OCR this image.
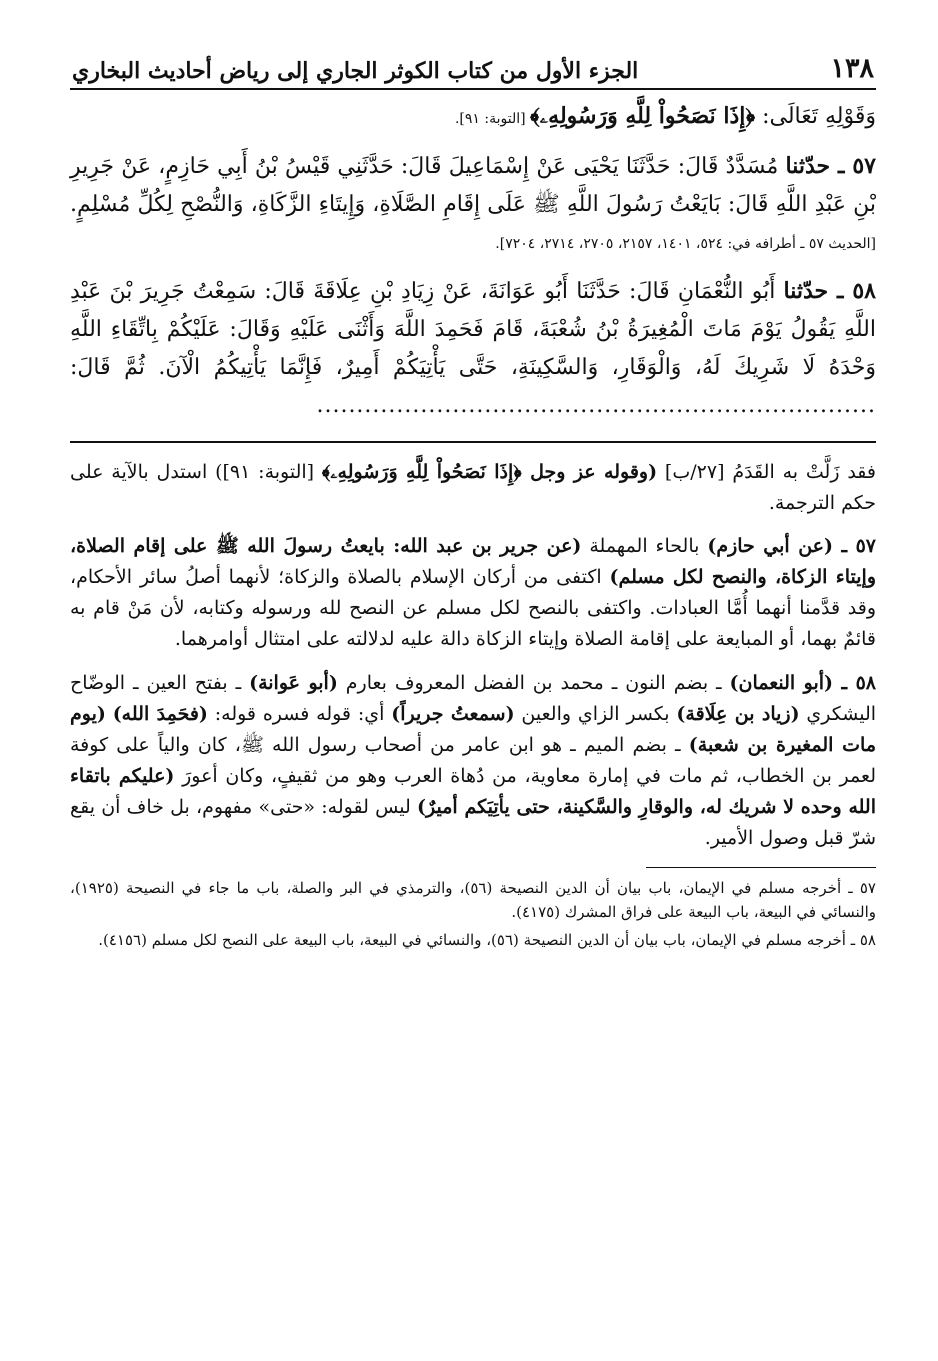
١٣٨
الجزء الأول من كتاب الكوثر الجاري إلى رياض أحاديث البخاري

وَقَوْلِهِ تَعَالَى: ﴿إِذَا نَصَحُواْ لِلَّهِ وَرَسُولِهِۦ﴾ [التوبة: ٩١].

٥٧ ـ حدّثنا مُسَدَّدٌ قَالَ: حَدَّثَنَا يَحْيَى عَنْ إِسْمَاعِيلَ قَالَ: حَدَّثَنِي قَيْسُ بْنُ أَبِي حَازِمٍ، عَنْ جَرِيرِ بْنِ عَبْدِ اللَّهِ قَالَ: بَايَعْتُ رَسُولَ اللَّهِ ﷺ عَلَى إِقَامِ الصَّلَاةِ، وَإِيتَاءِ الزَّكَاةِ، وَالنُّصْحِ لِكُلِّ مُسْلِمٍ. [الحديث ٥٧ ـ أطرافه في: ٥٢٤، ١٤٠١، ٢١٥٧، ٢٧٠٥، ٢٧١٤، ٧٢٠٤].

٥٨ ـ حدّثنا أَبُو النُّعْمَانِ قَالَ: حَدَّثَنَا أَبُو عَوَانَةَ، عَنْ زِيَادِ بْنِ عِلَاقَةَ قَالَ: سَمِعْتُ جَرِيرَ بْنَ عَبْدِ اللَّهِ يَقُولُ يَوْمَ مَاتَ الْمُغِيرَةُ بْنُ شُعْبَةَ، قَامَ فَحَمِدَ اللَّهَ وَأَثْنَى عَلَيْهِ وَقَالَ: عَلَيْكُمْ بِاتِّقَاءِ اللَّهِ وَحْدَهُ لَا شَرِيكَ لَهُ، وَالْوَقَارِ، وَالسَّكِينَةِ، حَتَّى يَأْتِيَكُمْ أَمِيرٌ، فَإِنَّمَا يَأْتِيكُمُ الْآنَ. ثُمَّ قَالَ: ......................................................................

فقد زَلَّتْ به القَدَمُ [٢٧/ب] (وقوله عز وجل ﴿إِذَا نَصَحُواْ لِلَّهِ وَرَسُولِهِۦ﴾ [التوبة: ٩١]) استدل بالآية على حكم الترجمة.

٥٧ ـ (عن أبي حازم) بالحاء المهملة (عن جرير بن عبد الله: بايعتُ رسولَ الله ﷺ على إقام الصلاة، وإيتاء الزكاة، والنصح لكل مسلم) اكتفى من أركان الإسلام بالصلاة والزكاة؛ لأنهما أصلُ سائر الأحكام، وقد قدَّمنا أنهما أُمَّا العبادات. واكتفى بالنصح لكل مسلم عن النصح لله ورسوله وكتابه، لأن مَنْ قام به قائمٌ بهما، أو المبايعة على إقامة الصلاة وإيتاء الزكاة دالة عليه لدلالته على امتثال أوامرهما.

٥٨ ـ (أبو النعمان) ـ بضم النون ـ محمد بن الفضل المعروف بعارم (أبو عَوانة) ـ بفتح العين ـ الوضّاح اليشكري (زياد بن عِلَاقة) بكسر الزاي والعين (سمعتُ جريراً) أي: قوله فسره قوله: (فحَمِدَ الله) (يوم مات المغيرة بن شعبة) ـ بضم الميم ـ هو ابن عامر من أصحاب رسول الله ﷺ، كان والياً على كوفة لعمر بن الخطاب، ثم مات في إمارة معاوية، من دُهاة العرب وهو من ثقيفٍ، وكان أعورَ (عليكم باتقاء الله وحده لا شريك له، والوقارِ والسَّكينة، حتى يأتِيَكم أميرٌ) ليس لقوله: «حتى» مفهوم، بل خاف أن يقع شرّ قبل وصول الأمير.

٥٧ ـ أخرجه مسلم في الإيمان، باب بيان أن الدين النصيحة (٥٦)، والترمذي في البر والصلة، باب ما جاء في النصيحة (١٩٢٥)، والنسائي في البيعة، باب البيعة على فراق المشرك (٤١٧٥).

٥٨ ـ أخرجه مسلم في الإيمان، باب بيان أن الدين النصيحة (٥٦)، والنسائي في البيعة، باب البيعة على النصح لكل مسلم (٤١٥٦).
